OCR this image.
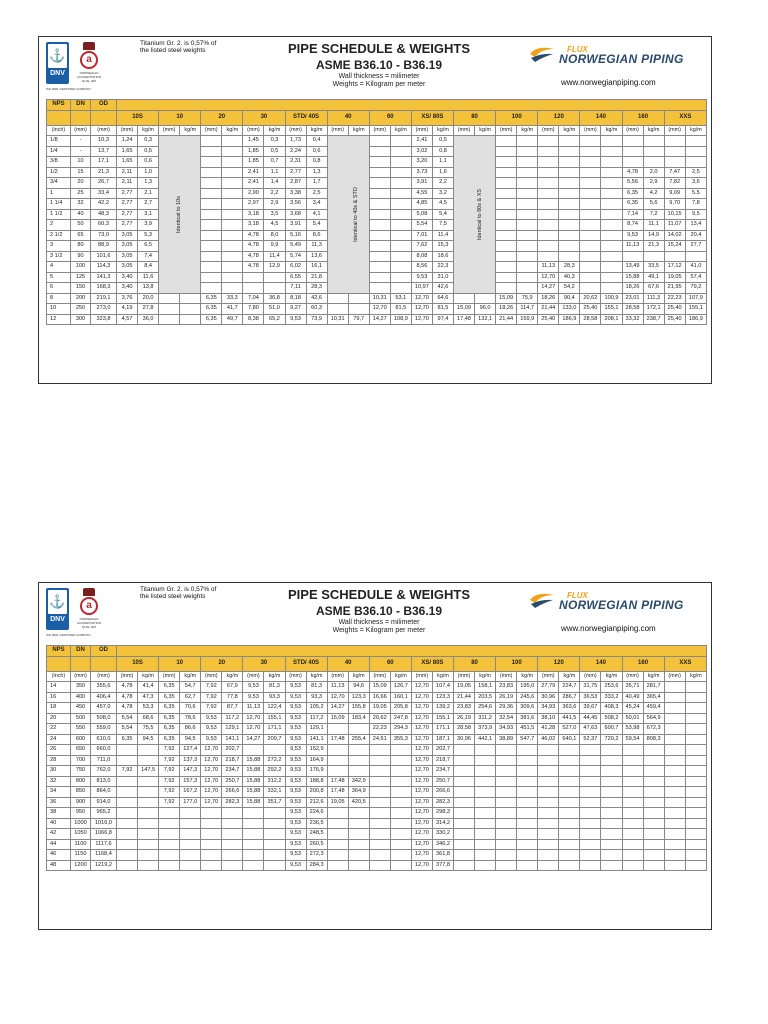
⚓
DNV
a
NORWEGIAN ACCREDITATION QUAL 006
ISO 9001 CERTIFIED COMPANY
Titanium Gr. 2. is 0,57% of the listed steel weights	PIPE SCHEDULE & WEIGHTS
ASME B36.10 - B36.19
Wall thickness = milimeter
Weights = Kilogram per meter
FLUX
NORWEGIAN PIPING
www.norwegianpiping.com
NPS	DN	OD																												
			10S		10		20		30		STD/ 40S		40		60		XS/ 80S		80		100		120		140		160		XXS	
(inch)	(mm)	(mm)	(mm)	kg/m	(mm)	kg/m	(mm)	kg/m	(mm)	kg/m	(mm)	kg/m	(mm)	kg/m	(mm)	kg/m	(mm)	kg/m	(mm)	kg/m	(mm)	kg/m	(mm)	kg/m	(mm)	kg/m	(mm)	kg/m	(mm)	kg/m
1/8	-	10,3	1,24	0,3	Identical to 10s				1,45	0,3	1,73	0,4	Identical to 40s & STD				2,41	0,5	Identical to 80s & XS											
1/4	-	13,7	1,65	0,5					1,85	0,5	2,24	0,6					3,02	0,8												
3/8	10	17,1	1,65	0,6					1,85	0,7	2,31	0,8					3,20	1,1												
1/2	15	21,3	2,11	1,0					2,41	1,1	2,77	1,3					3,73	1,6									4,78	2,0	7,47	2,5
3/4	20	26,7	2,11	1,3					2,41	1,4	2,87	1,7					3,91	2,2									5,56	2,9	7,82	3,6
1	25	33,4	2,77	2,1					2,90	2,2	3,38	2,5					4,55	3,2									6,35	4,2	9,09	5,5
1 1/4	32	42,2	2,77	2,7					2,97	2,9	3,56	3,4					4,85	4,5									6,35	5,6	9,70	7,8
1 1/2	40	48,3	2,77	3,1					3,18	3,5	3,68	4,1					5,08	5,4									7,14	7,2	10,15	9,5
2	50	60,3	2,77	3,9					3,18	4,5	3,91	5,4					5,54	7,5									8,74	11,1	11,07	13,4
2 1/2	65	73,0	3,05	5,3					4,78	8,0	5,16	8,6					7,01	11,4									9,53	14,9	14,02	20,4
3	80	88,9	3,05	6,5					4,78	9,9	5,49	11,3					7,62	15,3									11,13	21,3	15,24	27,7
3 1/2	90	101,6	3,05	7,4					4,78	11,4	5,74	13,6					8,08	18,6												
4	100	114,3	3,05	8,4					4,78	12,9	6,02	16,1					8,56	22,3					11,13	28,3			13,49	33,5	17,12	41,0
5	125	141,3	3,40	11,6							6,55	21,8					9,53	31,0					12,70	40,3			15,88	49,1	19,05	57,4
6	150	168,3	3,40	13,8							7,11	28,3					10,97	42,6					14,27	54,2			18,26	67,6	21,95	79,2
8	200	219,1	3,76	20,0			6,35	33,3	7,04	36,8	8,18	42,6			10,31	53,1	12,70	64,6			15,09	75,9	18,26	90,4	20,62	100,9	23,01	111,3	22,23	107,9
10	250	273,0	4,19	27,8			6,35	41,7	7,80	51,0	9,27	60,3			12,70	81,5	12,70	81,5	15,09	96,0	18,26	114,7	21,44	133,0	25,40	155,1	28,58	172,1	25,40	155,1
12	300	323,8	4,57	36,0			6,35	49,7	8,38	65,2	9,53	73,9	10,31	79,7	14,27	108,9	12,70	97,4	17,48	132,1	21,44	159,9	25,40	186,9	28,58	208,1	33,32	238,7	25,40	186,9
⚓
DNV
a
NORWEGIAN ACCREDITATION QUAL 006
ISO 9001 CERTIFIED COMPANY
Titanium Gr. 2. is 0,57% of the listed steel weights	PIPE SCHEDULE & WEIGHTS
ASME B36.10 - B36.19
Wall thickness = milimeter
Weights = Kilogram per meter
FLUX
NORWEGIAN PIPING
www.norwegianpiping.com
NPS	DN	OD																												
			10S		10		20		30		STD/ 40S		40		60		XS/ 80S		80		100		120		140		160		XXS	
(inch)	(mm)	(mm)	(mm)	kg/m	(mm)	kg/m	(mm)	kg/m	(mm)	kg/m	(mm)	kg/m	(mm)	kg/m	(mm)	kg/m	(mm)	kg/m	(mm)	kg/m	(mm)	kg/m	(mm)	kg/m	(mm)	kg/m	(mm)	kg/m	(mm)	kg/m
14	350	355,6	4,78	41,4	6,35	54,7	7,92	67,9	9,53	81,3	9,53	81,3	11,13	94,6	15,09	126,7	12,70	107,4	19,05	158,1	23,83	195,0	27,79	224,7	31,75	253,6	35,71	281,7		
16	400	406,4	4,78	47,3	6,35	62,7	7,92	77,8	9,53	93,3	9,53	93,3	12,70	123,3	16,66	160,1	12,70	123,3	21,44	203,5	26,19	245,6	30,96	286,7	36,53	333,2	40,49	365,4		
18	450	457,0	4,78	53,3	6,35	70,6	7,92	87,7	11,13	122,4	9,53	105,2	14,27	155,8	19,05	205,8	12,70	139,2	23,83	254,6	29,36	309,6	34,93	363,6	39,67	408,3	45,24	459,4		
20	500	508,0	5,54	68,6	6,35	78,6	9,53	117,2	12,70	155,1	9,53	117,2	15,09	183,4	20,62	247,8	12,70	155,1	26,19	311,2	32,54	381,6	38,10	441,5	44,45	508,2	50,01	564,9		
22	550	559,0	5,54	75,5	6,35	86,6	9,53	129,1	12,70	171,1	9,53	129,1			22,23	294,3	12,70	171,1	28,58	373,9	34,93	451,5	41,28	527,0	47,63	600,7	53,98	672,3		
24	600	610,0	6,35	94,5	6,35	94,5	9,53	141,1	14,27	209,7	9,53	141,1	17,48	255,4	24,61	355,3	12,70	187,1	30,96	442,1	38,89	547,7	46,02	640,1	52,37	720,2	59,54	808,3		
26	650	660,0			7,92	127,4	12,70	202,7			9,53	152,9					12,70	202,7												
28	700	711,0			7,92	137,3	12,70	218,7	15,88	272,2	9,53	164,9					12,70	218,7												
30	750	762,0	7,92	147,5	7,92	147,3	12,70	234,7	15,88	292,2	9,53	176,9					12,70	234,7												
32	800	813,0			7,92	157,3	12,70	250,7	15,88	312,2	9,53	188,8	17,48	342,9			12,70	250,7												
34	850	864,0			7,92	167,2	12,70	266,6	15,88	332,1	9,53	200,8	17,48	364,9			12,70	266,6												
36	900	914,0			7,92	177,0	12,70	282,3	15,88	351,7	9,53	212,6	19,05	420,5			12,70	282,3												
38	950	965,2									9,53	224,6					12,70	298,3												
40	1000	1016,0									9,53	236,5					12,70	314,2												
42	1050	1066,8									9,53	248,5					12,70	330,2												
44	1100	1117,6									9,53	260,5					12,70	346,2												
46	1150	1168,4									9,53	272,3					12,70	361,8												
48	1200	1219,2									9,53	284,3					12,70	377,8												
